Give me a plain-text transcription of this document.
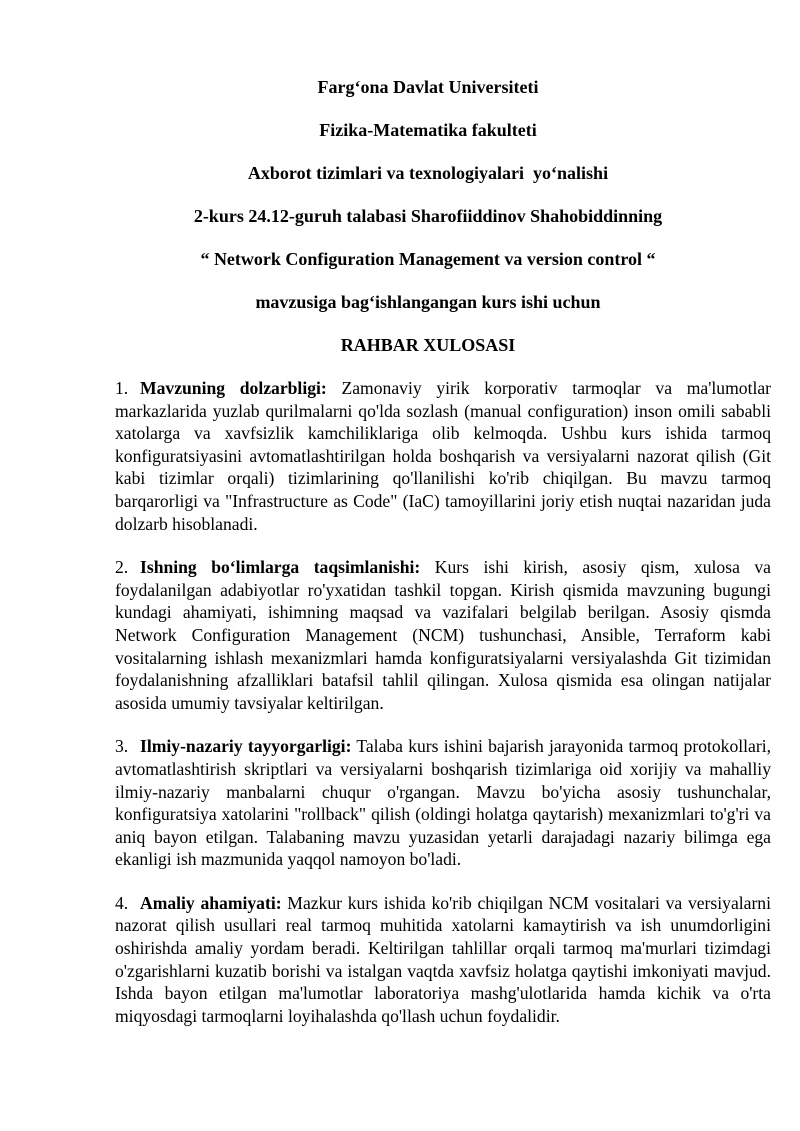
Farg‘ona Davlat Universiteti
Fizika-Matematika fakulteti
Axborot tizimlari va texnologiyalari  yo‘nalishi
2-kurs 24.12-guruh talabasi Sharofiiddinov Shahobiddinning
“ Network Configuration Management va version control “
mavzusiga bag‘ishlangangan kurs ishi uchun
RAHBAR XULOSASI

1. Mavzuning dolzarbligi: Zamonaviy yirik korporativ tarmoqlar va ma'lumotlar markazlarida yuzlab qurilmalarni qo'lda sozlash (manual configuration) inson omili sababli xatolarga va xavfsizlik kamchiliklariga olib kelmoqda. Ushbu kurs ishida tarmoq konfiguratsiyasini avtomatlashtirilgan holda boshqarish va versiyalarni nazorat qilish (Git kabi tizimlar orqali) tizimlarining qo'llanilishi ko'rib chiqilgan. Bu mavzu tarmoq barqarorligi va "Infrastructure as Code" (IaC) tamoyillarini joriy etish nuqtai nazaridan juda dolzarb hisoblanadi.

2. Ishning bo‘limlarga taqsimlanishi: Kurs ishi kirish, asosiy qism, xulosa va foydalanilgan adabiyotlar ro'yxatidan tashkil topgan. Kirish qismida mavzuning bugungi kundagi ahamiyati, ishimning maqsad va vazifalari belgilab berilgan. Asosiy qismda Network Configuration Management (NCM) tushunchasi, Ansible, Terraform kabi vositalarning ishlash mexanizmlari hamda konfiguratsiyalarni versiyalashda Git tizimidan foydalanishning afzalliklari batafsil tahlil qilingan. Xulosa qismida esa olingan natijalar asosida umumiy tavsiyalar keltirilgan.

3. Ilmiy-nazariy tayyorgarligi: Talaba kurs ishini bajarish jarayonida tarmoq protokollari, avtomatlashtirish skriptlari va versiyalarni boshqarish tizimlariga oid xorijiy va mahalliy ilmiy-nazariy manbalarni chuqur o'rgangan. Mavzu bo'yicha asosiy tushunchalar, konfiguratsiya xatolarini "rollback" qilish (oldingi holatga qaytarish) mexanizmlari to'g'ri va aniq bayon etilgan. Talabaning mavzu yuzasidan yetarli darajadagi nazariy bilimga ega ekanligi ish mazmunida yaqqol namoyon bo'ladi.

4. Amaliy ahamiyati: Mazkur kurs ishida ko'rib chiqilgan NCM vositalari va versiyalarni nazorat qilish usullari real tarmoq muhitida xatolarni kamaytirish va ish unumdorligini oshirishda amaliy yordam beradi. Keltirilgan tahlillar orqali tarmoq ma'murlari tizimdagi o'zgarishlarni kuzatib borishi va istalgan vaqtda xavfsiz holatga qaytishi imkoniyati mavjud. Ishda bayon etilgan ma'lumotlar laboratoriya mashg'ulotlarida hamda kichik va o'rta miqyosdagi tarmoqlarni loyihalashda qo'llash uchun foydalidir.
